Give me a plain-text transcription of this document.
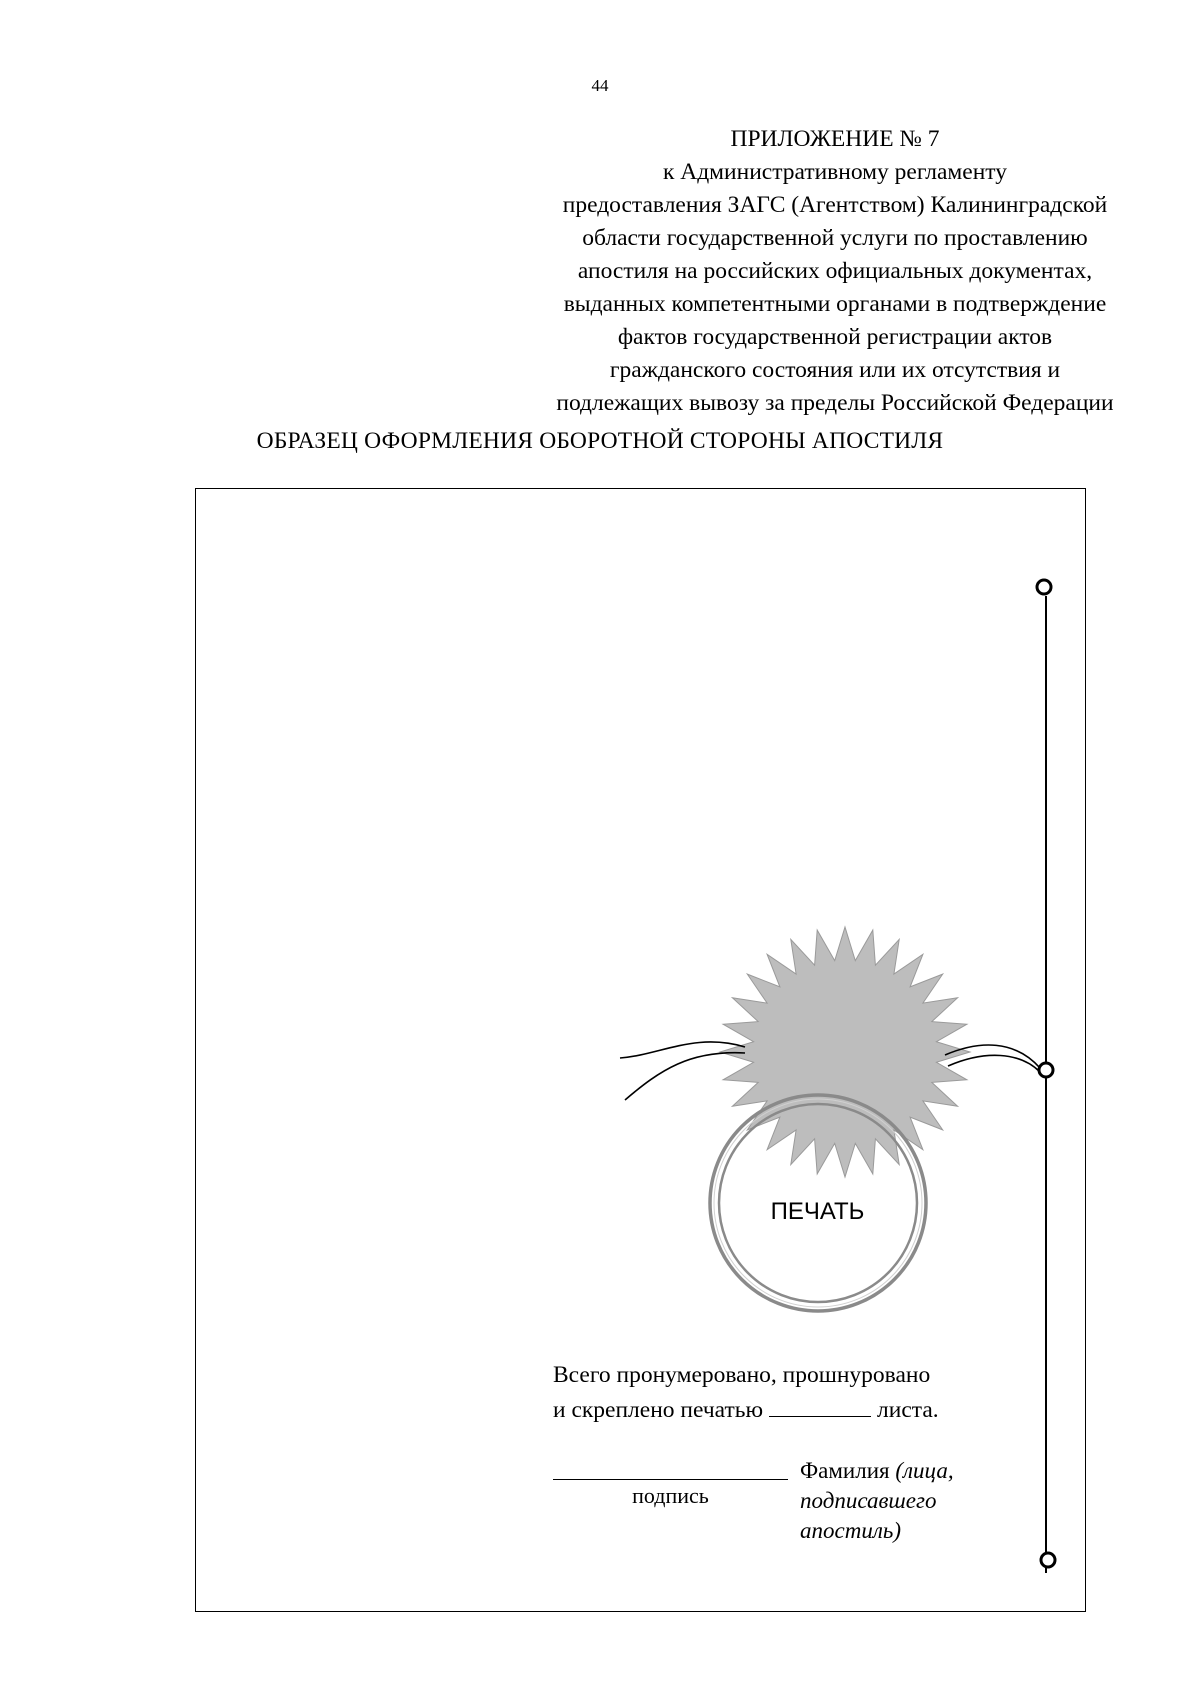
44
ПРИЛОЖЕНИЕ № 7
к Административному регламенту
предоставления ЗАГС (Агентством) Калининградской
области государственной услуги по проставлению
апостиля на российских официальных документах,
выданных компетентными органами в подтверждение
фактов государственной регистрации актов
гражданского состояния или их отсутствия и
подлежащих вывозу за пределы Российской Федерации
ОБРАЗЕЦ ОФОРМЛЕНИЯ ОБОРОТНОЙ СТОРОНЫ АПОСТИЛЯ
ПЕЧАТЬ
Всего пронумеровано, прошнуровано
и скреплено печатью	листа.
подпись
Фамилия (лица,
подписавшего
апостиль)
